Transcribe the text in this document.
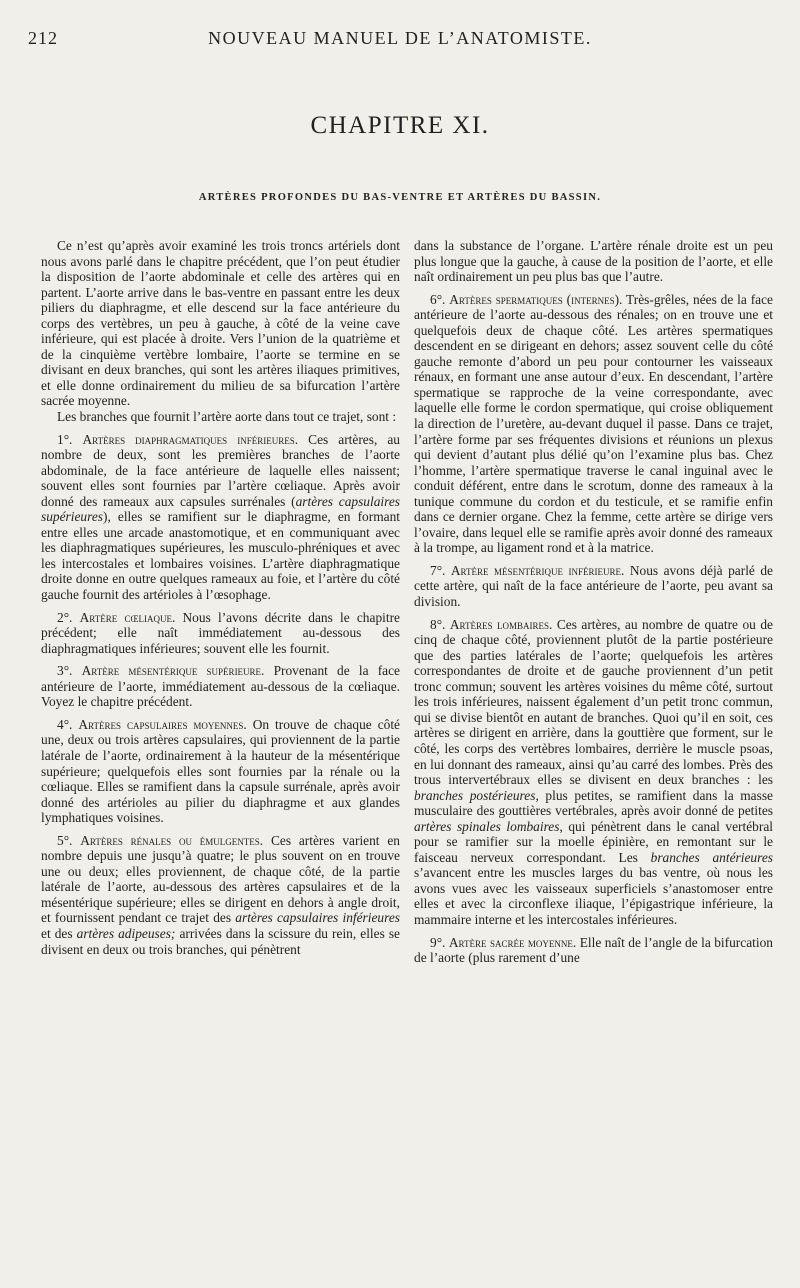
212	NOUVEAU MANUEL DE L’ANATOMISTE.
CHAPITRE XI.
ARTÈRES PROFONDES DU BAS-VENTRE ET ARTÈRES DU BASSIN.

Ce n’est qu’après avoir examiné les trois troncs artériels dont nous avons parlé dans le chapitre précédent, que l’on peut étudier la disposition de l’aorte abdominale et celle des artères qui en partent. L’aorte arrive dans le bas-ventre en passant entre les deux piliers du diaphragme, et elle descend sur la face antérieure du corps des vertèbres, un peu à gauche, à côté de la veine cave inférieure, qui est placée à droite. Vers l’union de la quatrième et de la cinquième vertèbre lombaire, l’aorte se termine en se divisant en deux branches, qui sont les artères iliaques primitives, et elle donne ordinairement du milieu de sa bifurcation l’artère sacrée moyenne.

Les branches que fournit l’artère aorte dans tout ce trajet, sont :

1°. Artères diaphragmatiques inférieures. Ces artères, au nombre de deux, sont les premières branches de l’aorte abdominale, de la face antérieure de laquelle elles naissent; souvent elles sont fournies par l’artère cœliaque. Après avoir donné des rameaux aux capsules surrénales (artères capsulaires supérieures), elles se ramifient sur le diaphragme, en formant entre elles une arcade anastomotique, et en communiquant avec les diaphragmatiques supérieures, les musculo-phréniques et avec les intercostales et lombaires voisines. L’artère diaphragmatique droite donne en outre quelques rameaux au foie, et l’artère du côté gauche fournit des artérioles à l’œsophage.

2°. Artère cœliaque. Nous l’avons décrite dans le chapitre précédent; elle naît immédiatement au-dessous des diaphragmatiques inférieures; souvent elle les fournit.

3°. Artère mésentérique supérieure. Provenant de la face antérieure de l’aorte, immédiatement au-dessous de la cœliaque. Voyez le chapitre précédent.

4°. Artères capsulaires moyennes. On trouve de chaque côté une, deux ou trois artères capsulaires, qui proviennent de la partie latérale de l’aorte, ordinairement à la hauteur de la mésentérique supérieure; quelquefois elles sont fournies par la rénale ou la cœliaque. Elles se ramifient dans la capsule surrénale, après avoir donné des artérioles au pilier du diaphragme et aux glandes lymphatiques voisines.

5°. Artères rénales ou émulgentes. Ces artères varient en nombre depuis une jusqu’à quatre; le plus souvent on en trouve une ou deux; elles proviennent, de chaque côté, de la partie latérale de l’aorte, au-dessous des artères capsulaires et de la mésentérique supérieure; elles se dirigent en dehors à angle droit, et fournissent pendant ce trajet des artères capsulaires inférieures et des artères adipeuses; arrivées dans la scissure du rein, elles se divisent en deux ou trois branches, qui pénètrent

dans la substance de l’organe. L’artère rénale droite est un peu plus longue que la gauche, à cause de la position de l’aorte, et elle naît ordinairement un peu plus bas que l’autre.

6°. Artères spermatiques (internes). Très-grêles, nées de la face antérieure de l’aorte au-dessous des rénales; on en trouve une et quelquefois deux de chaque côté. Les artères spermatiques descendent en se dirigeant en dehors; assez souvent celle du côté gauche remonte d’abord un peu pour contourner les vaisseaux rénaux, en formant une anse autour d’eux. En descendant, l’artère spermatique se rapproche de la veine correspondante, avec laquelle elle forme le cordon spermatique, qui croise obliquement la direction de l’uretère, au-devant duquel il passe. Dans ce trajet, l’artère forme par ses fréquentes divisions et réunions un plexus qui devient d’autant plus délié qu’on l’examine plus bas. Chez l’homme, l’artère spermatique traverse le canal inguinal avec le conduit déférent, entre dans le scrotum, donne des rameaux à la tunique commune du cordon et du testicule, et se ramifie enfin dans ce dernier organe. Chez la femme, cette artère se dirige vers l’ovaire, dans lequel elle se ramifie après avoir donné des rameaux à la trompe, au ligament rond et à la matrice.

7°. Artère mésentérique inférieure. Nous avons déjà parlé de cette artère, qui naît de la face antérieure de l’aorte, peu avant sa division.

8°. Artères lombaires. Ces artères, au nombre de quatre ou de cinq de chaque côté, proviennent plutôt de la partie postérieure que des parties latérales de l’aorte; quelquefois les artères correspondantes de droite et de gauche proviennent d’un petit tronc commun; souvent les artères voisines du même côté, surtout les trois inférieures, naissent également d’un petit tronc commun, qui se divise bientôt en autant de branches. Quoi qu’il en soit, ces artères se dirigent en arrière, dans la gouttière que forment, sur le côté, les corps des vertèbres lombaires, derrière le muscle psoas, en lui donnant des rameaux, ainsi qu’au carré des lombes. Près des trous intervertébraux elles se divisent en deux branches : les branches postérieures, plus petites, se ramifient dans la masse musculaire des gouttières vertébrales, après avoir donné de petites artères spinales lombaires, qui pénètrent dans le canal vertébral pour se ramifier sur la moelle épinière, en remontant sur le faisceau nerveux correspondant. Les branches antérieures s’avancent entre les muscles larges du bas ventre, où nous les avons vues avec les vaisseaux superficiels s’anastomoser entre elles et avec la circonflexe iliaque, l’épigastrique inférieure, la mammaire interne et les intercostales inférieures.

9°. Artère sacrée moyenne. Elle naît de l’angle de la bifurcation de l’aorte (plus rarement d’une
